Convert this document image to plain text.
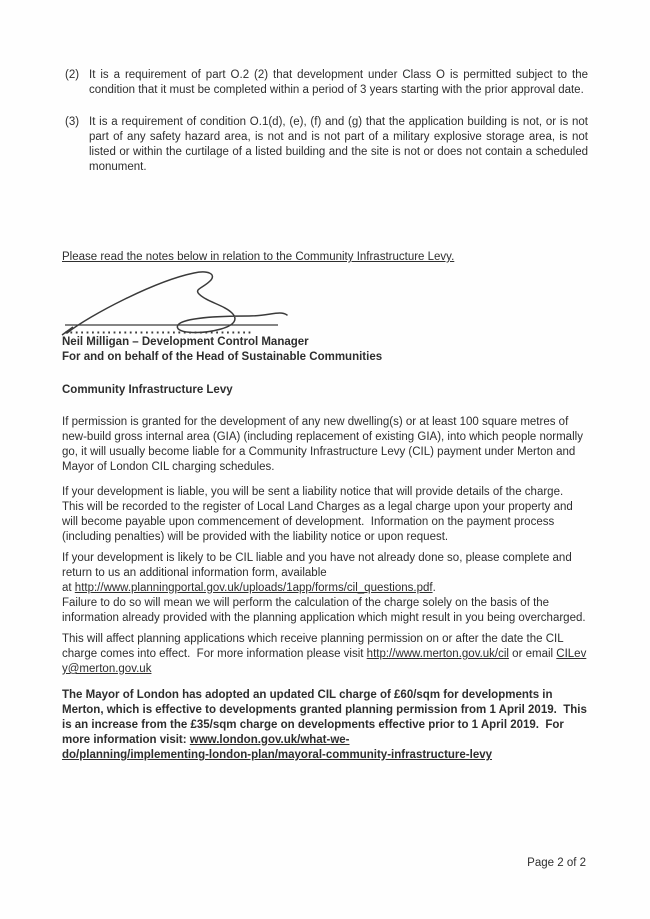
(2) It is a requirement of part O.2 (2) that development under Class O is permitted subject to the condition that it must be completed within a period of 3 years starting with the prior approval date.
(3) It is a requirement of condition O.1(d), (e), (f) and (g) that the application building is not, or is not part of any safety hazard area, is not and is not part of a military explosive storage area, is not listed or within the curtilage of a listed building and the site is not or does not contain a scheduled monument.

Please read the notes below in relation to the Community Infrastructure Levy.

Neil Milligan – Development Control Manager
For and on behalf of the Head of Sustainable Communities
Community Infrastructure Levy

If permission is granted for the development of any new dwelling(s) or at least 100 square metres of new-build gross internal area (GIA) (including replacement of existing GIA), into which people normally go, it will usually become liable for a Community Infrastructure Levy (CIL) payment under Merton and Mayor of London CIL charging schedules.

If your development is liable, you will be sent a liability notice that will provide details of the charge.  This will be recorded to the register of Local Land Charges as a legal charge upon your property and will become payable upon commencement of development.  Information on the payment process (including penalties) will be provided with the liability notice or upon request.

If your development is likely to be CIL liable and you have not already done so, please complete and return to us an additional information form, available
at http://www.planningportal.gov.uk/uploads/1app/forms/cil_questions.pdf.
Failure to do so will mean we will perform the calculation of the charge solely on the basis of the information already provided with the planning application which might result in you being overcharged.

This will affect planning applications which receive planning permission on or after the date the CIL charge comes into effect.  For more information please visit http://www.merton.gov.uk/cil or email CILevy@merton.gov.uk

The Mayor of London has adopted an updated CIL charge of £60/sqm for developments in Merton, which is effective to developments granted planning permission from 1 April 2019.  This is an increase from the £35/sqm charge on developments effective prior to 1 April 2019.  For more information visit: www.london.gov.uk/what-we-
do/planning/implementing-london-plan/mayoral-community-infrastructure-levy

Page 2 of 2
